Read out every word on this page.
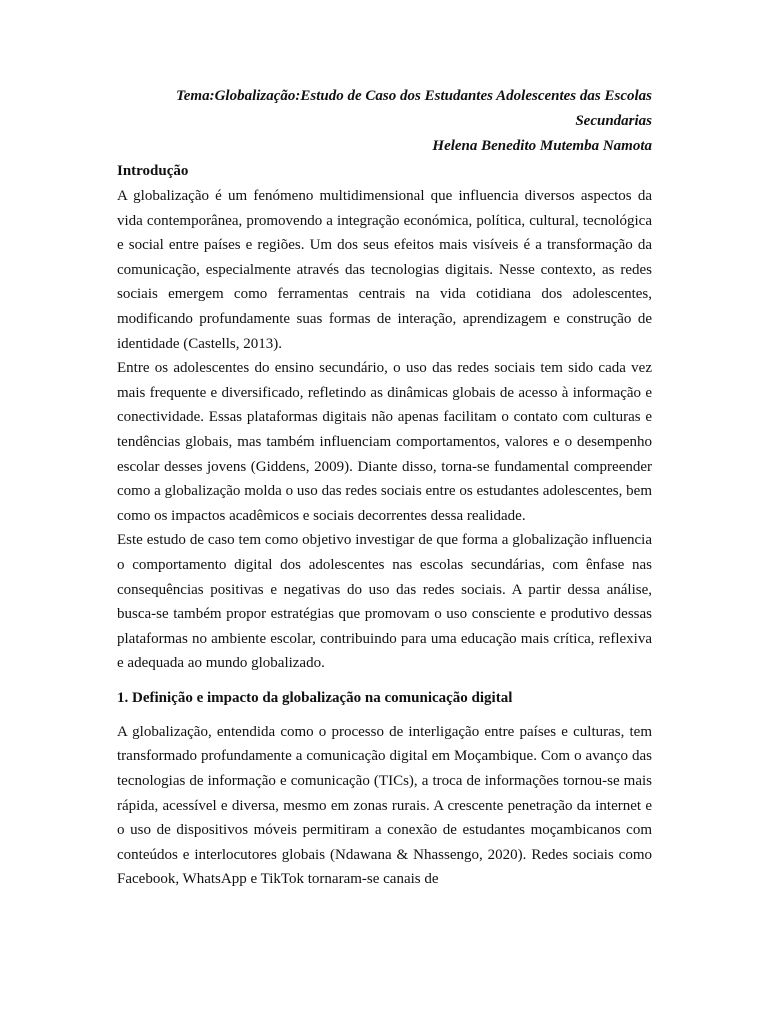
Tema:Globalização:Estudo de Caso dos Estudantes Adolescentes das Escolas

Secundarias

Helena Benedito Mutemba Namota

Introdução

A globalização é um fenómeno multidimensional que influencia diversos aspectos da vida contemporânea, promovendo a integração económica, política, cultural, tecnológica e social entre países e regiões. Um dos seus efeitos mais visíveis é a transformação da comunicação, especialmente através das tecnologias digitais. Nesse contexto, as redes sociais emergem como ferramentas centrais na vida cotidiana dos adolescentes, modificando profundamente suas formas de interação, aprendizagem e construção de identidade (Castells, 2013).

Entre os adolescentes do ensino secundário, o uso das redes sociais tem sido cada vez mais frequente e diversificado, refletindo as dinâmicas globais de acesso à informação e conectividade. Essas plataformas digitais não apenas facilitam o contato com culturas e tendências globais, mas também influenciam comportamentos, valores e o desempenho escolar desses jovens (Giddens, 2009). Diante disso, torna-se fundamental compreender como a globalização molda o uso das redes sociais entre os estudantes adolescentes, bem como os impactos acadêmicos e sociais decorrentes dessa realidade.

Este estudo de caso tem como objetivo investigar de que forma a globalização influencia o comportamento digital dos adolescentes nas escolas secundárias, com ênfase nas consequências positivas e negativas do uso das redes sociais. A partir dessa análise, busca-se também propor estratégias que promovam o uso consciente e produtivo dessas plataformas no ambiente escolar, contribuindo para uma educação mais crítica, reflexiva e adequada ao mundo globalizado.

1. Definição e impacto da globalização na comunicação digital

A globalização, entendida como o processo de interligação entre países e culturas, tem transformado profundamente a comunicação digital em Moçambique. Com o avanço das tecnologias de informação e comunicação (TICs), a troca de informações tornou-se mais rápida, acessível e diversa, mesmo em zonas rurais. A crescente penetração da internet e o uso de dispositivos móveis permitiram a conexão de estudantes moçambicanos com conteúdos e interlocutores globais (Ndawana & Nhassengo, 2020). Redes sociais como Facebook, WhatsApp e TikTok tornaram-se canais de
